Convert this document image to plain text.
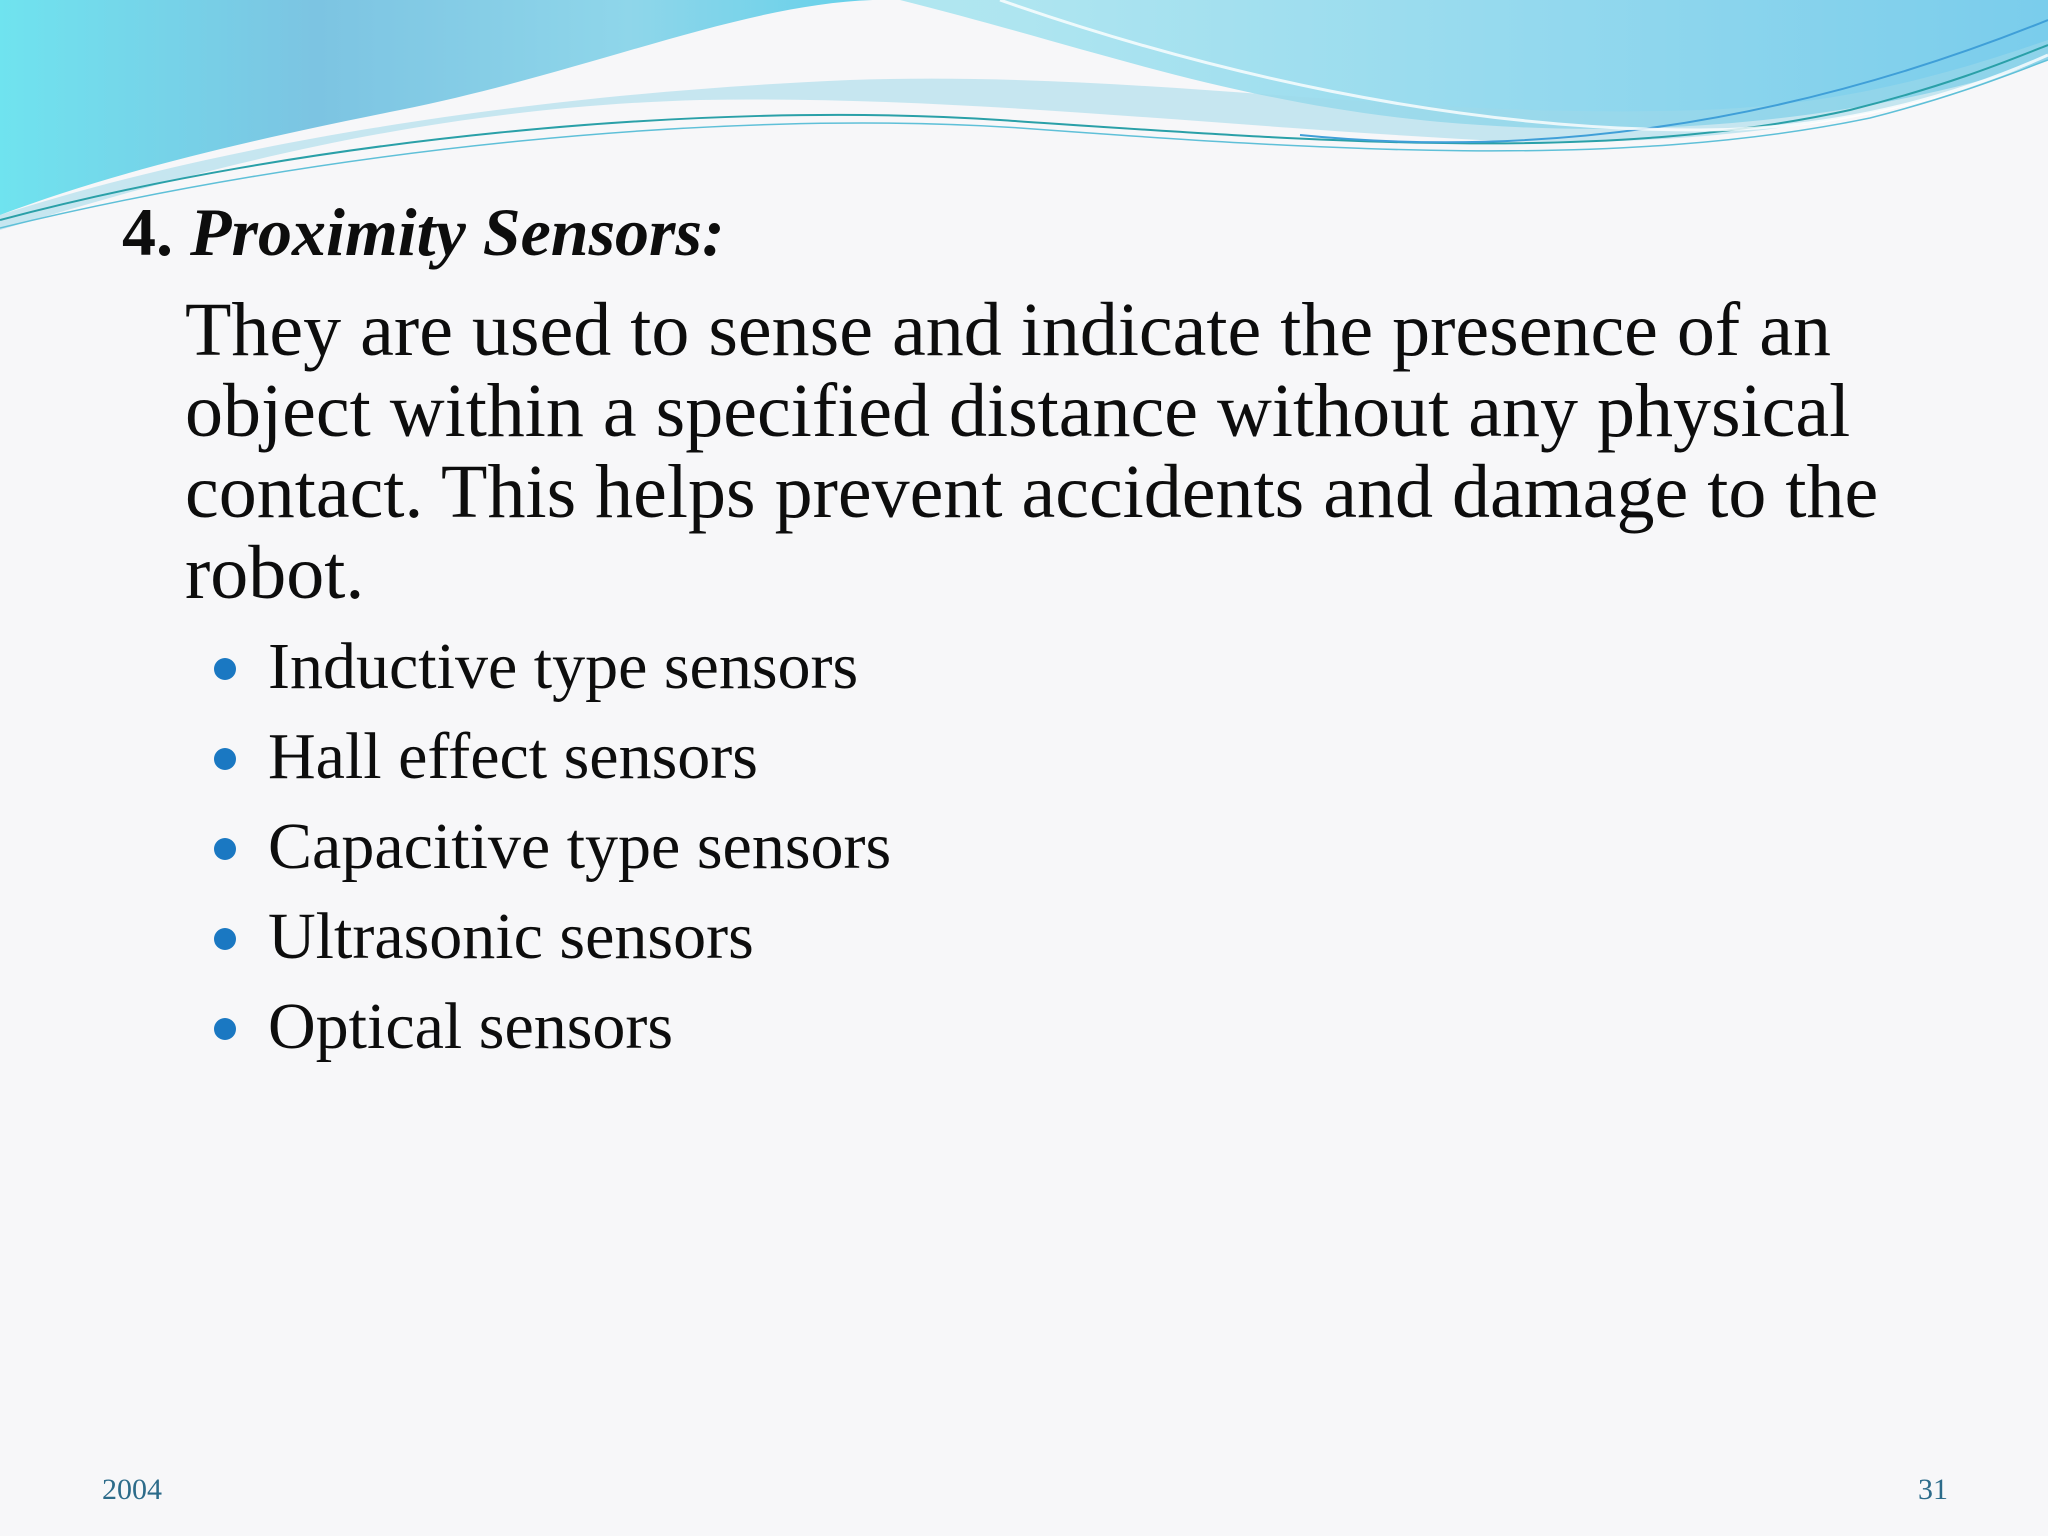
4. Proximity Sensors:

They are used to sense and indicate the presence of an object within a specified distance without any physical contact. This helps prevent accidents and damage to the robot.

Inductive type sensors
Hall effect sensors
Capacitive type sensors
Ultrasonic sensors
Optical sensors
2004	31
